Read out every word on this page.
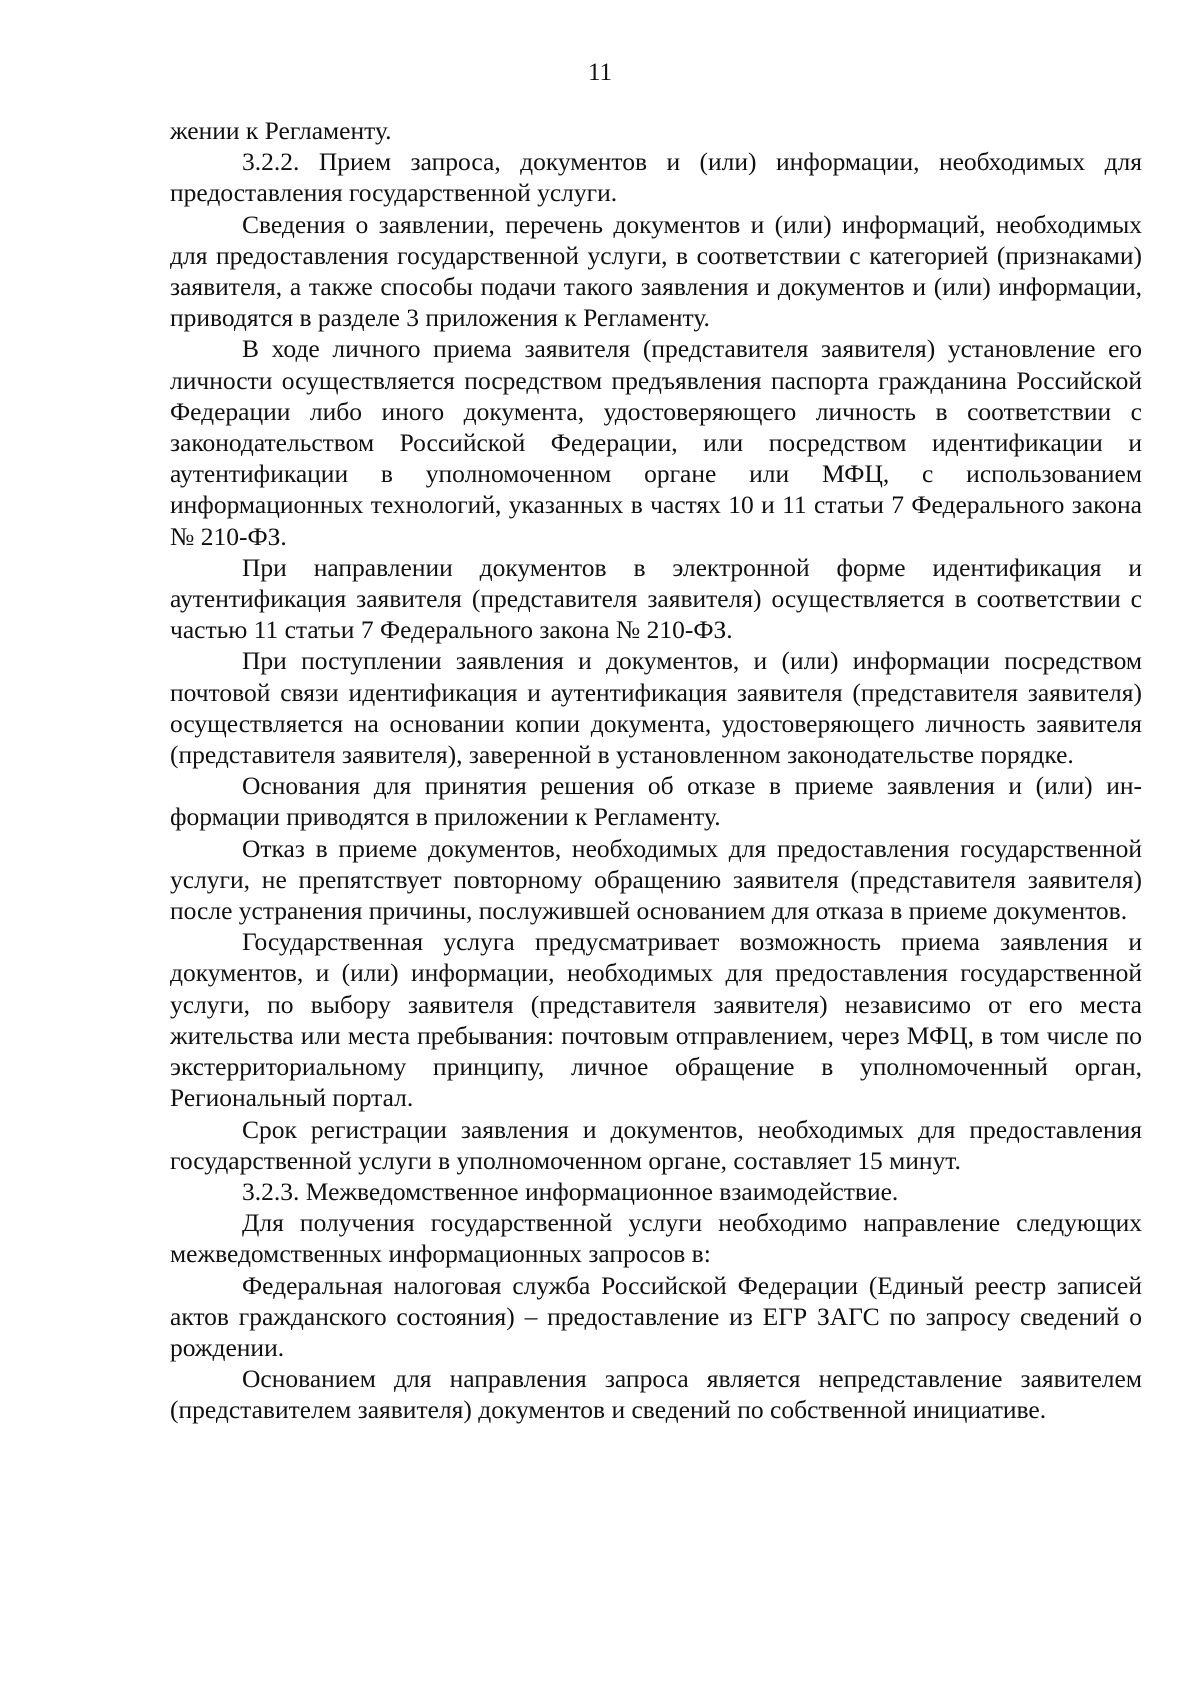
11

жении к Регламенту.

3.2.2. Прием запроса, документов и (или) информации, необходимых для предоставления государственной услуги.

Сведения о заявлении, перечень документов и (или) информаций, необходимых для предоставления государственной услуги, в соответствии с категорией (признаками) заявителя, а также способы подачи такого заявления и документов и (или) информации, приводятся в разделе 3 приложения к Регламенту.

В ходе личного приема заявителя (представителя заявителя) установление его личности осуществляется посредством предъявления паспорта гражданина Российской Федерации либо иного документа, удостоверяющего личность в соответствии с законодательством Российской Федерации, или посредством идентификации и аутентификации в уполномоченном органе или МФЦ, с использованием информационных технологий, указанных в частях 10 и 11 статьи 7 Федерального закона № 210-ФЗ.

При направлении документов в электронной форме идентификация и аутентификация заявителя (представителя заявителя) осуществляется в соответствии с частью 11 статьи 7 Федерального закона № 210-ФЗ.

При поступлении заявления и документов, и (или) информации посредством почтовой связи идентификация и аутентификация заявителя (представителя заявителя) осуществляется на основании копии документа, удостоверяющего личность заявителя (представителя заявителя), заверенной в установленном законодательстве порядке.

Основания для принятия решения об отказе в приеме заявления и (или) информации приводятся в приложении к Регламенту.

Отказ в приеме документов, необходимых для предоставления государственной услуги, не препятствует повторному обращению заявителя (представителя заявителя) после устранения причины, послужившей основанием для отказа в приеме документов.

Государственная услуга предусматривает возможность приема заявления и документов, и (или) информации, необходимых для предоставления государственной услуги, по выбору заявителя (представителя заявителя) независимо от его места жительства или места пребывания: почтовым отправлением, через МФЦ, в том числе по экстерриториальному принципу, личное обращение в уполномоченный орган, Региональный портал.

Срок регистрации заявления и документов, необходимых для предоставления государственной услуги в уполномоченном органе, составляет 15 минут.

3.2.3. Межведомственное информационное взаимодействие.

Для получения государственной услуги необходимо направление следующих межведомственных информационных запросов в:

Федеральная налоговая служба Российской Федерации (Единый реестр записей актов гражданского состояния) – предоставление из ЕГР ЗАГС по запросу сведений о рождении.

Основанием для направления запроса является непредставление заявителем (представителем заявителя) документов и сведений по собственной инициативе.
